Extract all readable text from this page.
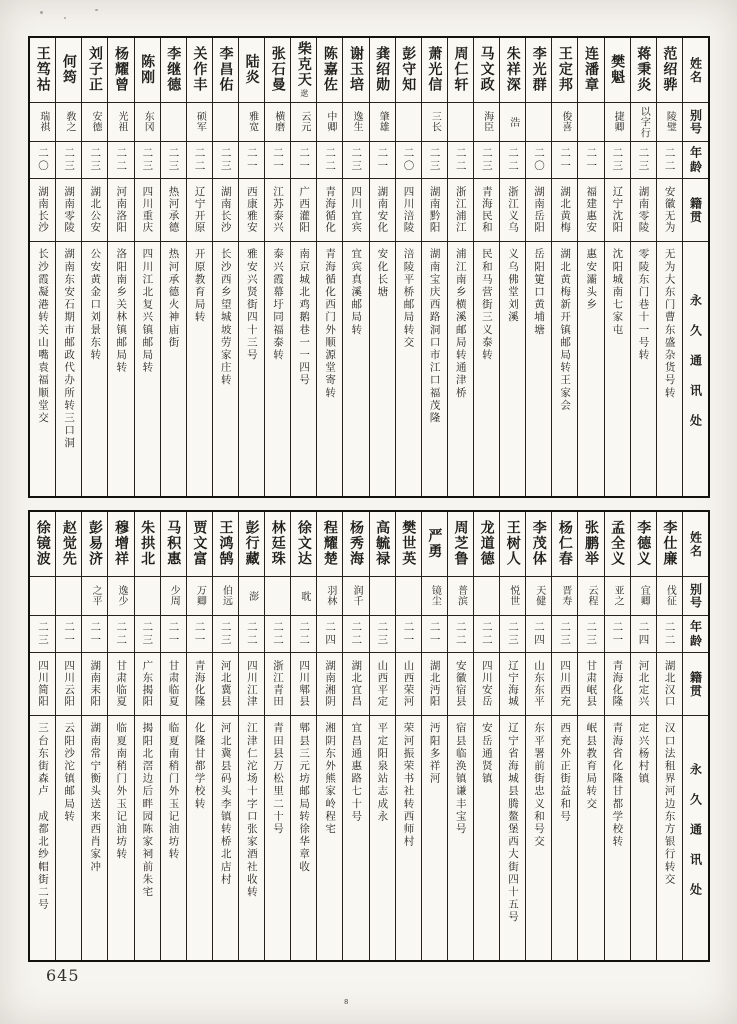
姓名
别号
年龄
籍贯
永久通讯处
范绍骅
陵璧
二二
安徽无为
无为大东门曹东盛杂货号转
蒋秉炎
以字行
二三
湖南零陵
零陵东门巷十一号转
樊魁
捷卿
二三
辽宁沈阳
沈阳城南七家屯
连潘章
二一
福建惠安
惠安灞头乡
王定邦
俊喜
二一
湖北黄梅
湖北黄梅新开镇邮局转王家会
李光群
二〇
湖南岳阳
岳阳筻口黄埔塘
朱祥深
浩
二二
浙江义乌
义乌佛堂刘溪
马文政
海臣
二三
青海民和
民和马营街三义泰转
周仁轩
二二
浙江浦江
浦江南乡横溪邮局转通津桥
萧光信
三长
二三
湖南黔阳
湖南宝庆西路洞口市江口福茂隆
彭守知
二〇
四川涪陵
涪陵平桥邮局转交
龚绍勋
肇雄
二一
湖南安化
安化长塘
谢玉培
逸生
二三
四川宜宾
宜宾真溪邮局转
陈嘉佐
中卿
二二
青海循化
青海循化西门外顺源堂寄转
柴克天
逖
云元
二一
广西灌阳
南京城北鸡鹅巷一一四号
张石曼
横磨
二一
江苏泰兴
泰兴霞幕圩同福泰转
陆炎
雅宽
二一
西康雅安
雅安兴贤街四十三号
李昌佑
二三
湖南长沙
长沙西乡望城坡劳家庄转
关作丰
硕军
二二
辽宁开原
开原教育局转
李继德
二三
热河承德
热河承德火神庙街
陈刚
东冈
二三
四川重庆
四川江北复兴镇邮局转
杨耀曾
光祖
二二
河南洛阳
洛阳南乡关林镇邮局转
刘子正
安德
二三
湖北公安
公安黄金口刘景东转
何筠
敎之
二三
湖南零陵
湖南东安石期市邮政代办所转三口洞
王笃祜
瑞祺
二〇
湖南长沙
长沙霞凝港转关山嘴袁福顺堂交
姓名
别号
年龄
籍贯
永久通讯处
李仕廉
伐征
二二
湖北汉口
汉口法租界河边东方银行转交
李德义
宜卿
二四
河北定兴
定兴杨村镇
孟全义
亚之
二一
青海化隆
青海省化隆甘都学校转
张鹏举
云程
二三
甘肃岷县
岷县教育局转交
杨仁春
晋寿
二三
四川西充
西充外正街益和号
李茂体
天健
二四
山东东平
东平署前街忠义和号交
王树人
悦世
二三
辽宁海城
辽宁省海城县腾鳌堡西大街四十五号
龙道德
二二
四川安岳
安岳通贤镇
周芝鲁
普滨
二二
安徽宿县
宿县临涣镇谦丰宝号
严勇
镜尘
二一
湖北沔阳
沔阳多祥河
樊世英
二一
山西荣河
荣河振荣书社转西师村
高毓禄
二三
山西平定
平定阳泉站志成永
杨秀海
润千
二二
湖北宜昌
宜昌通惠路七十号
程耀楚
羽林
二四
湖南湘阴
湘阴东外熊家岭程宅
徐文达
耽
二二
四川郫县
郫县三元坊邮局转徐华章收
林廷珠
二二
浙江青田
青田县万松里二十号
彭行藏
澎
二二
四川江津
江津仁沱场十字口张家酒社收转
王鸿鹄
伯远
二三
河北冀县
河北冀县码头李镇转桥北店村
贾文富
万卿
二一
青海化隆
化隆甘都学校转
马积惠
少周
二一
甘肃临夏
临夏南稍门外玉记油坊转
朱拱北
二三
广东揭阳
揭阳北滘边后畔园陈家祠前朱宅
穆增祥
逸少
二二
甘肃临夏
临夏南稍门外玉记油坊转
彭易济
之平
二一
湖南耒阳
湖南常宁衡头送来西肖家冲
赵觉先
二一
四川云阳
云阳沙沱镇邮局转
徐镜波
二三
四川简阳
三台东街森卢　成都北纱帽街二号
645
8
